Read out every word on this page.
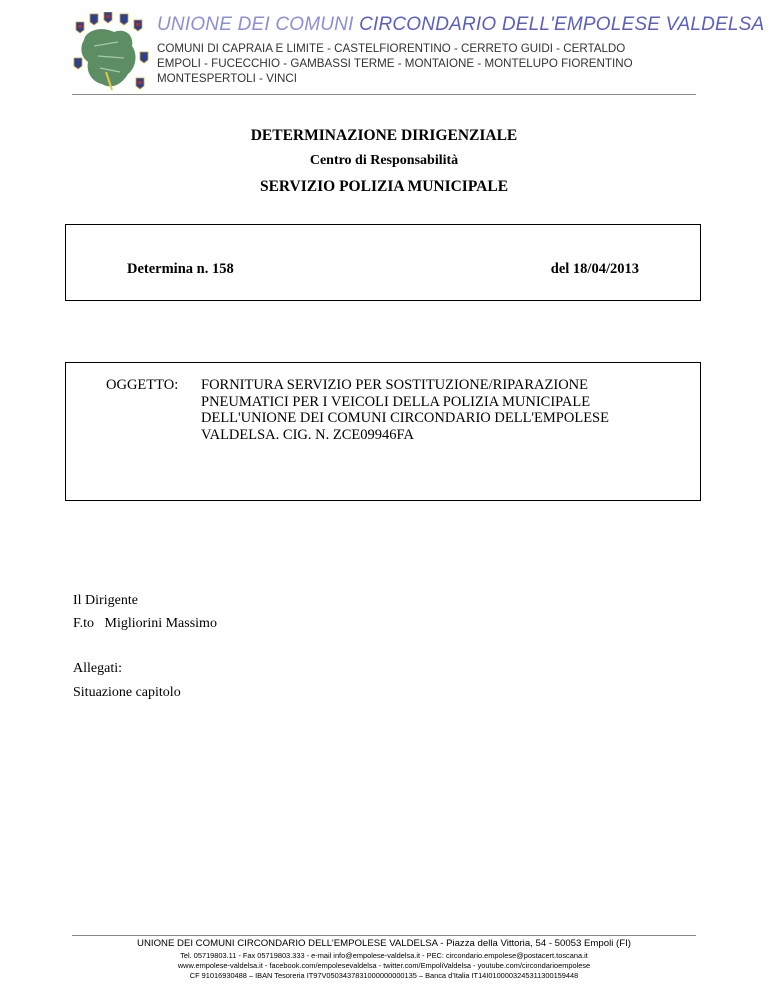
UNIONE DEI COMUNI CIRCONDARIO DELL'EMPOLESE VALDELSA
COMUNI DI CAPRAIA E LIMITE - CASTELFIORENTINO - CERRETO GUIDI - CERTALDO
EMPOLI - FUCECCHIO - GAMBASSI TERME - MONTAIONE - MONTELUPO FIORENTINO
MONTESPERTOLI - VINCI
DETERMINAZIONE DIRIGENZIALE
Centro di Responsabilità
SERVIZIO POLIZIA MUNICIPALE
Determina n. 158	del 18/04/2013
OGGETTO: FORNITURA SERVIZIO PER SOSTITUZIONE/RIPARAZIONE
PNEUMATICI PER I VEICOLI DELLA POLIZIA MUNICIPALE
DELL'UNIONE DEI COMUNI CIRCONDARIO DELL'EMPOLESE
VALDELSA. CIG. N. ZCE09946FA
Il Dirigente
F.to   Migliorini Massimo
Allegati:
Situazione capitolo
UNIONE DEI COMUNI CIRCONDARIO DELL’EMPOLESE VALDELSA - Piazza della Vittoria, 54 - 50053 Empoli (FI)
Tel. 05719803.11 - Fax 05719803.333 - e-mail info@empolese-valdelsa.it - PEC: circondario.empolese@postacert.toscana.it
www.empolese-valdelsa.it - facebook.com/empolesevaldelsa - twitter.com/EmpoliValdelsa - youtube.com/circondarioempolese
CF 91016930488 – IBAN Tesoreria IT97V0503437831000000000135 – Banca d’Italia IT14I0100003245311300159448
